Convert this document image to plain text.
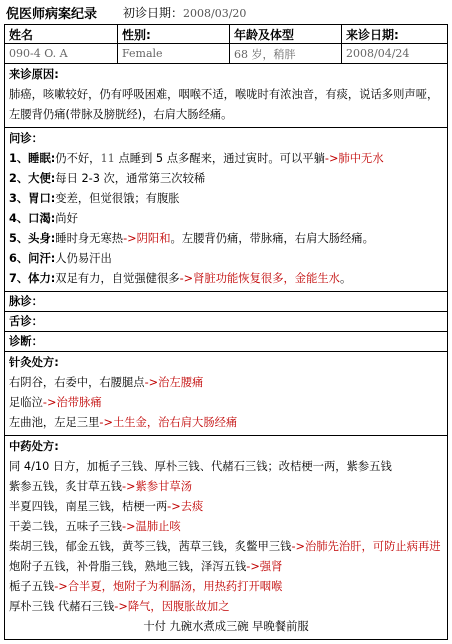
倪医师病案纪录 初诊日期：2008/03/20
姓名	性别:	年龄及体型	来诊日期:
090-4 O. A	Female	68 岁，稍胖	2008/04/24
来诊原因:
肺癌，咳嗽较好，仍有呼吸困难，咽喉不适，喉咙时有浓浊音，有痰，说话多则声哑，左腰背仍痛(带脉及膀胱经)，右肩大肠经痛。
问诊：
1、睡眠:仍不好，11 点睡到 5 点多醒来，通过寅时。可以平躺->肺中无水
2、大便:每日 2-3 次，通常第三次较稀
3、胃口:变差，但觉很饿；有腹胀
4、口渴:尚好
5、头身:睡时身无寒热->阴阳和。左腰背仍痛，带脉痛，右肩大肠经痛。
6、问汗:人仍易汗出
7、体力:双足有力，自觉强健很多->肾脏功能恢复很多，金能生水。
脉诊：
舌诊：
诊断：
针灸处方:
右阴谷，右委中，右腰腿点->治左腰痛
足临泣->治带脉痛
左曲池，左足三里->土生金，治右肩大肠经痛
中药处方:
同 4/10 日方，加栀子三钱、厚朴三钱、代赭石三钱；改桔梗一两，紫参五钱
紫参五钱，炙甘草五钱->紫参甘草汤
半夏四钱，南星三钱，桔梗一两->去痰
干姜二钱，五味子三钱->温肺止咳
柴胡三钱，郁金五钱，黄芩三钱，茜草三钱，炙鳖甲三钱->治肺先治肝，可防止病再进
炮附子五钱，补骨脂三钱，熟地三钱，泽泻五钱->强肾
栀子五钱->合半夏，炮附子为利膈汤，用热药打开咽喉
厚朴三钱 代赭石三钱->降气，因腹胀故加之
十付 九碗水煮成三碗 早晚餐前服
